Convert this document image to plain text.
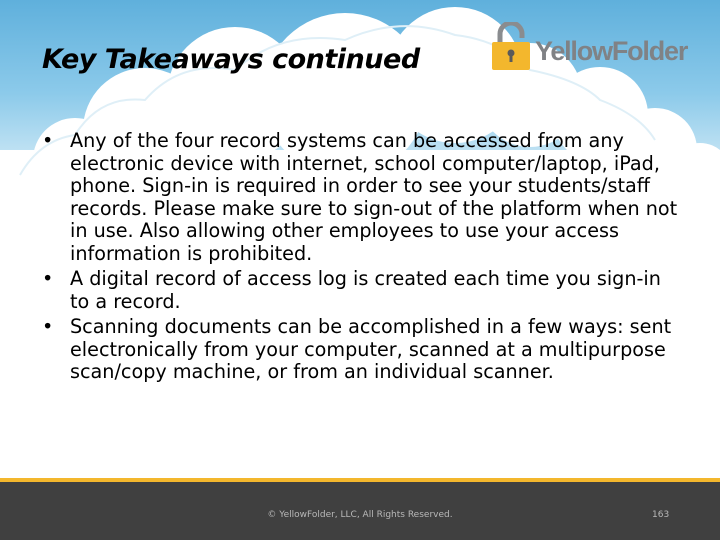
Key Takeaways continued	YellowFolder
• Any of the four record systems can be accessed from any electronic device with internet, school computer/laptop, iPad, phone. Sign-in is required in order to see your students/staff records. Please make sure to sign-out of the platform when not in use. Also allowing other employees to use your access information is prohibited.
• A digital record of access log is created each time you sign-in to a record.
• Scanning documents can be accomplished in a few ways: sent electronically from your computer, scanned at a multipurpose scan/copy machine, or from an individual scanner.
© YellowFolder, LLC, All Rights Reserved.	163
